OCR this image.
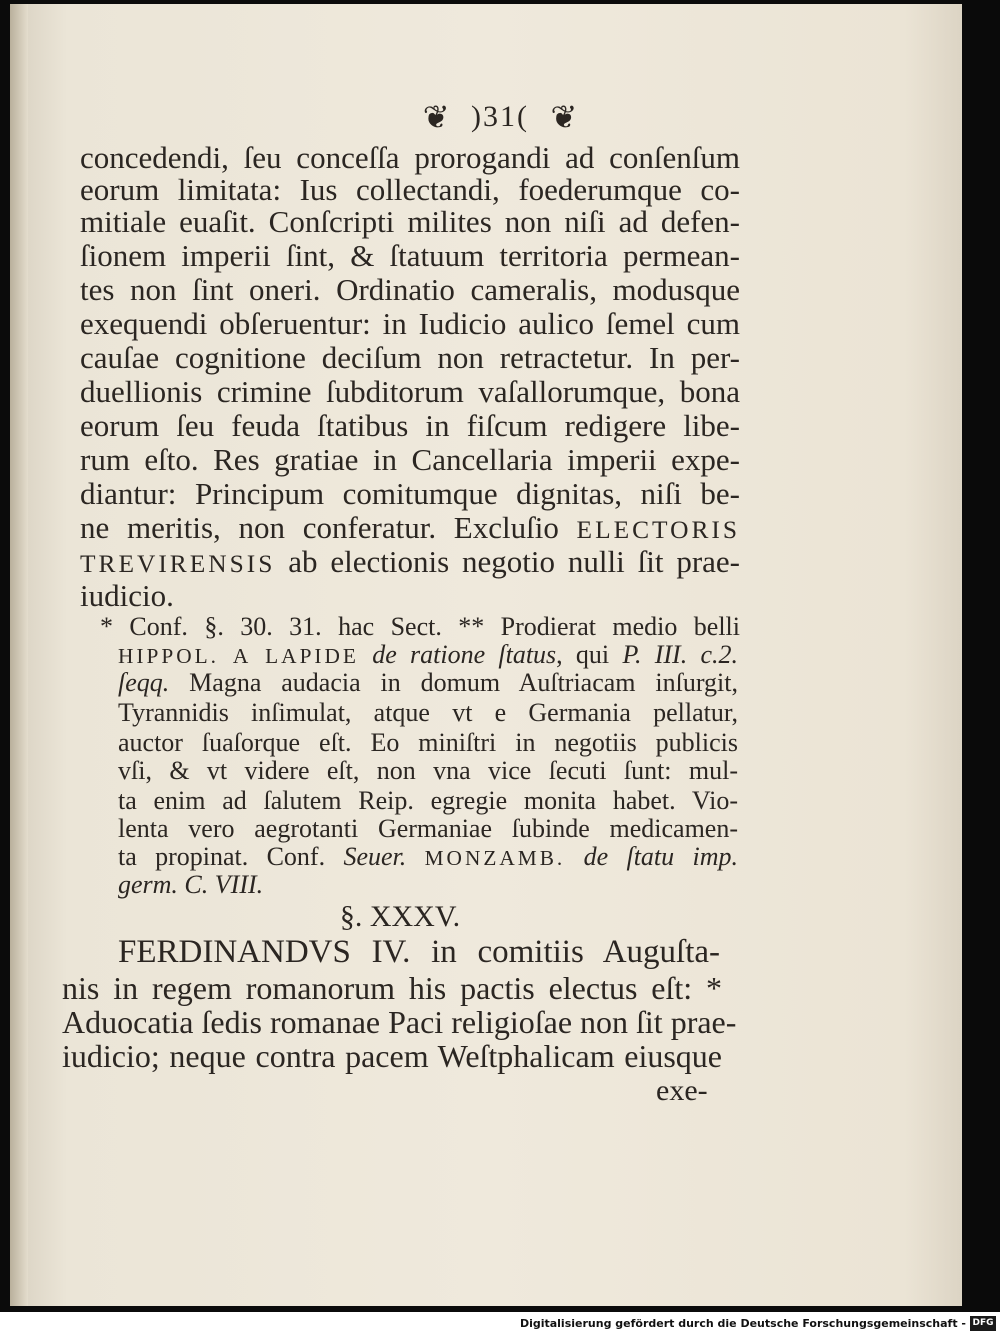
❦ )31( ❦
concedendi, ſeu conceſſa prorogandi ad conſenſum
eorum limitata: Ius collectandi, foederumque co-
mitiale euaſit. Conſcripti milites non niſi ad defen-
ſionem imperii ſint, & ſtatuum territoria permean-
tes non ſint oneri. Ordinatio cameralis, modusque
exequendi obſeruentur: in Iudicio aulico ſemel cum
cauſae cognitione deciſum non retractetur. In per-
duellionis crimine ſubditorum vaſallorumque, bona
eorum ſeu feuda ſtatibus in fiſcum redigere libe-
rum eſto. Res gratiae in Cancellaria imperii expe-
diantur: Principum comitumque dignitas, niſi be-
ne meritis, non conferatur. Excluſio ELECTORIS
TREVIRENSIS ab electionis negotio nulli ſit prae-
iudicio.
* Conf. §. 30. 31. hac Sect. ** Prodierat medio belli
HIPPOL. A LAPIDE de ratione ſtatus, qui P. III. c.2.
ſeqq. Magna audacia in domum Auſtriacam inſurgit,
Tyrannidis inſimulat, atque vt e Germania pellatur,
auctor ſuaſorque eſt. Eo miniſtri in negotiis publicis
vſi, & vt videre eſt, non vna vice ſecuti ſunt: mul-
ta enim ad ſalutem Reip. egregie monita habet. Vio-
lenta vero aegrotanti Germaniae ſubinde medicamen-
ta propinat. Conf. Seuer. MONZAMB. de ſtatu imp.
germ. C. VIII.
§. XXXV.
FERDINANDVS IV. in comitiis Auguſta-
nis in regem romanorum his pactis electus eſt: *
Aduocatia ſedis romanae Paci religioſae non ſit prae-
iudicio; neque contra pacem Weſtphalicam eiusque
exe-
Digitalisierung gefördert durch die Deutsche Forschungsgemeinschaft - DFG
